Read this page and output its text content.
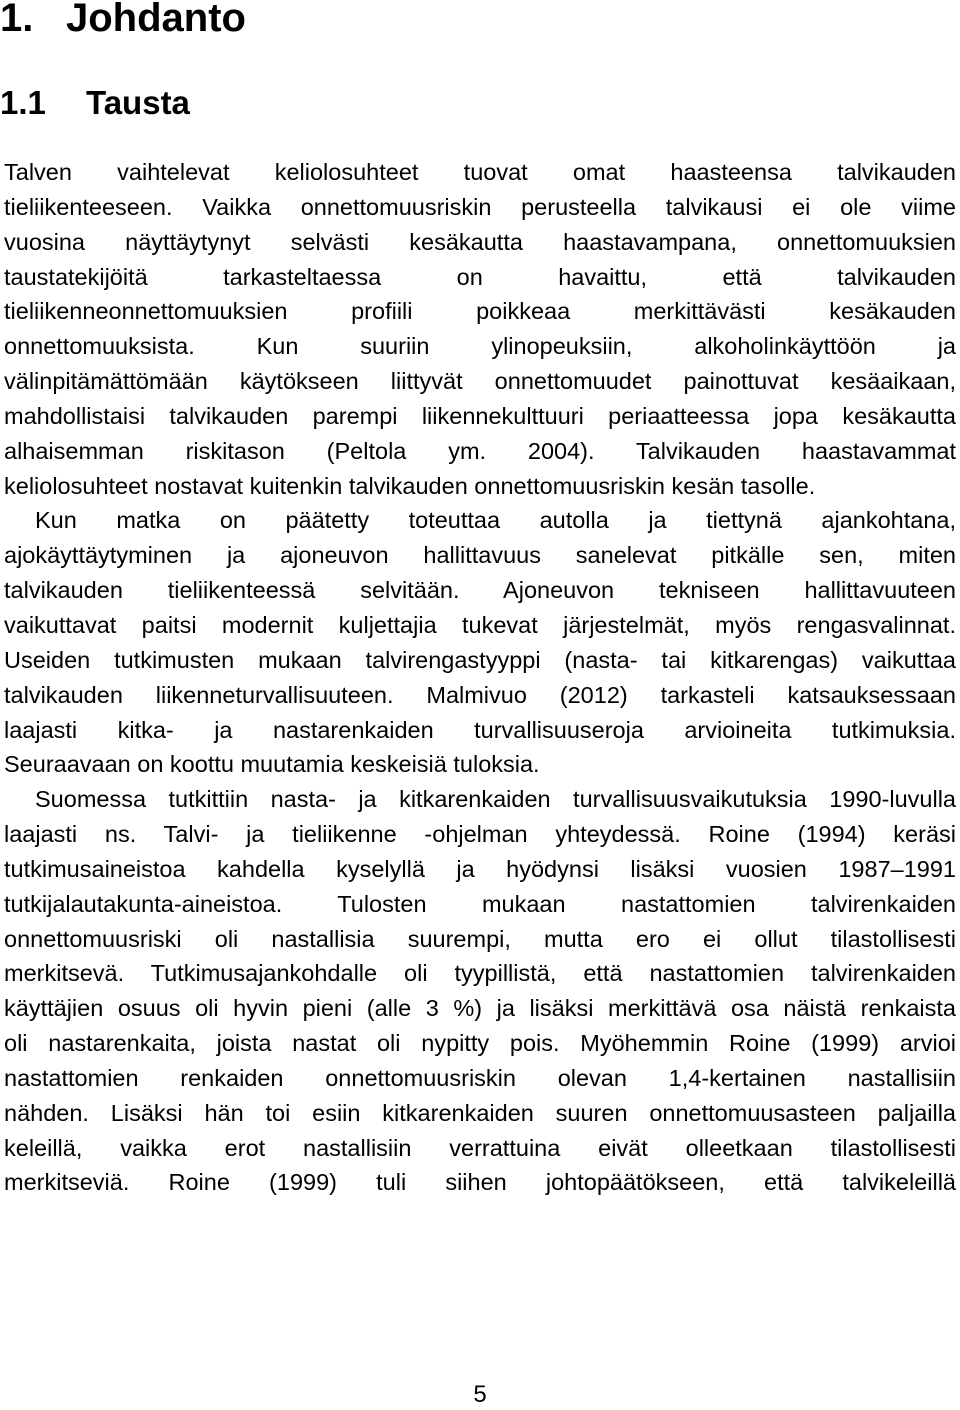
1. Johdanto
1.1 Tausta
Talven vaihtelevat keliolosuhteet tuovat omat haasteensa talvikauden
tieliikenteeseen. Vaikka onnettomuusriskin perusteella talvikausi ei ole viime
vuosina näyttäytynyt selvästi kesäkautta haastavampana, onnettomuuksien
taustatekijöitä tarkasteltaessa on havaittu, että talvikauden
tieliikenneonnettomuuksien profiili poikkeaa merkittävästi kesäkauden
onnettomuuksista. Kun suuriin ylinopeuksiin, alkoholinkäyttöön ja
välinpitämättömään käytökseen liittyvät onnettomuudet painottuvat kesäaikaan,
mahdollistaisi talvikauden parempi liikennekulttuuri periaatteessa jopa kesäkautta
alhaisemman riskitason (Peltola ym. 2004). Talvikauden haastavammat
keliolosuhteet nostavat kuitenkin talvikauden onnettomuusriskin kesän tasolle.
Kun matka on päätetty toteuttaa autolla ja tiettynä ajankohtana,
ajokäyttäytyminen ja ajoneuvon hallittavuus sanelevat pitkälle sen, miten
talvikauden tieliikenteessä selvitään. Ajoneuvon tekniseen hallittavuuteen
vaikuttavat paitsi modernit kuljettajia tukevat järjestelmät, myös rengasvalinnat.
Useiden tutkimusten mukaan talvirengastyyppi (nasta- tai kitkarengas) vaikuttaa
talvikauden liikenneturvallisuuteen. Malmivuo (2012) tarkasteli katsauksessaan
laajasti kitka- ja nastarenkaiden turvallisuuseroja arvioineita tutkimuksia.
Seuraavaan on koottu muutamia keskeisiä tuloksia.
Suomessa tutkittiin nasta- ja kitkarenkaiden turvallisuusvaikutuksia 1990-luvulla
laajasti ns. Talvi- ja tieliikenne -ohjelman yhteydessä. Roine (1994) keräsi
tutkimusaineistoa kahdella kyselyllä ja hyödynsi lisäksi vuosien 1987–1991
tutkijalautakunta-aineistoa. Tulosten mukaan nastattomien talvirenkaiden
onnettomuusriski oli nastallisia suurempi, mutta ero ei ollut tilastollisesti
merkitsevä. Tutkimusajankohdalle oli tyypillistä, että nastattomien talvirenkaiden
käyttäjien osuus oli hyvin pieni (alle 3 %) ja lisäksi merkittävä osa näistä renkaista
oli nastarenkaita, joista nastat oli nypitty pois. Myöhemmin Roine (1999) arvioi
nastattomien renkaiden onnettomuusriskin olevan 1,4-kertainen nastallisiin
nähden. Lisäksi hän toi esiin kitkarenkaiden suuren onnettomuusasteen paljailla
keleillä, vaikka erot nastallisiin verrattuina eivät olleetkaan tilastollisesti
merkitseviä. Roine (1999) tuli siihen johtopäätökseen, että talvikeleillä
5
